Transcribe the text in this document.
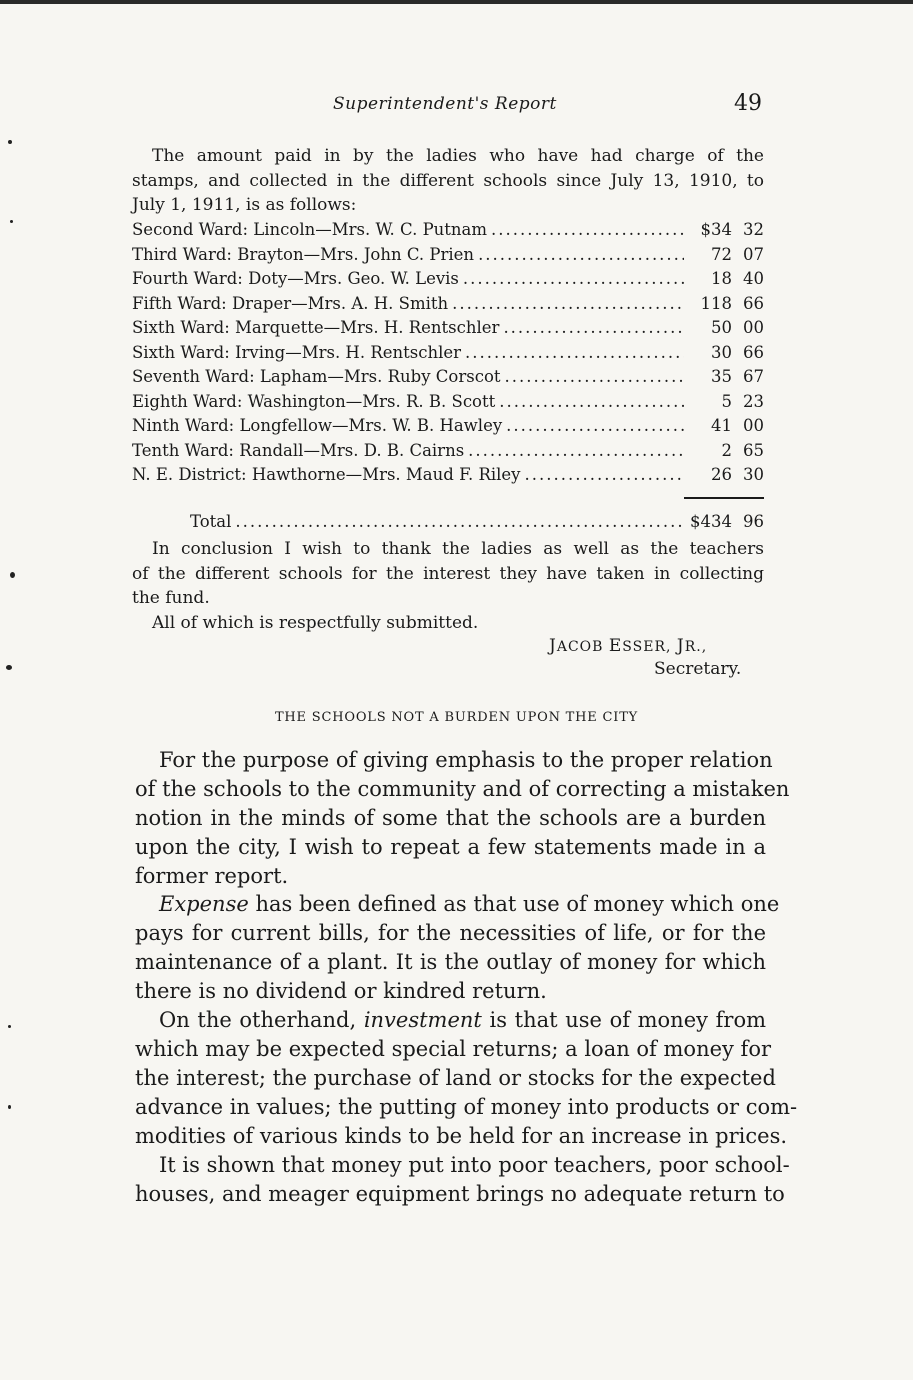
Superintendent's Report	49
The amount paid in by the ladies who have had charge of the
stamps, and collected in the different schools since July 13, 1910, to
July 1, 1911, is as follows:
Second Ward: Lincoln—Mrs. W. C. Putnam .....	$34 32
Third Ward: Brayton—Mrs. John C. Prien .....	72 07
Fourth Ward: Doty—Mrs. Geo. W. Levis .....	18 40
Fifth Ward: Draper—Mrs. A. H. Smith .....	118 66
Sixth Ward: Marquette—Mrs. H. Rentschler .....	50 00
Sixth Ward: Irving—Mrs. H. Rentschler .....	30 66
Seventh Ward: Lapham—Mrs. Ruby Corscot .....	35 67
Eighth Ward: Washington—Mrs. R. B. Scott .....	5 23
Ninth Ward: Longfellow—Mrs. W. B. Hawley .....	41 00
Tenth Ward: Randall—Mrs. D. B. Cairns .....	2 65
N. E. District: Hawthorne—Mrs. Maud F. Riley .....	26 30
Total .....	$434 96
In conclusion I wish to thank the ladies as well as the teachers
of the different schools for the interest they have taken in collecting
the fund.
All of which is respectfully submitted.
JACOB ESSER, JR.,
Secretary.
THE SCHOOLS NOT A BURDEN UPON THE CITY
For the purpose of giving emphasis to the proper relation
of the schools to the community and of correcting a mistaken
notion in the minds of some that the schools are a burden
upon the city, I wish to repeat a few statements made in a
former report.
Expense has been defined as that use of money which one
pays for current bills, for the necessities of life, or for the
maintenance of a plant. It is the outlay of money for which
there is no dividend or kindred return.
On the otherhand, investment is that use of money from
which may be expected special returns; a loan of money for
the interest; the purchase of land or stocks for the expected
advance in values; the putting of money into products or com-
modities of various kinds to be held for an increase in prices.
It is shown that money put into poor teachers, poor school-
houses, and meager equipment brings no adequate return to
